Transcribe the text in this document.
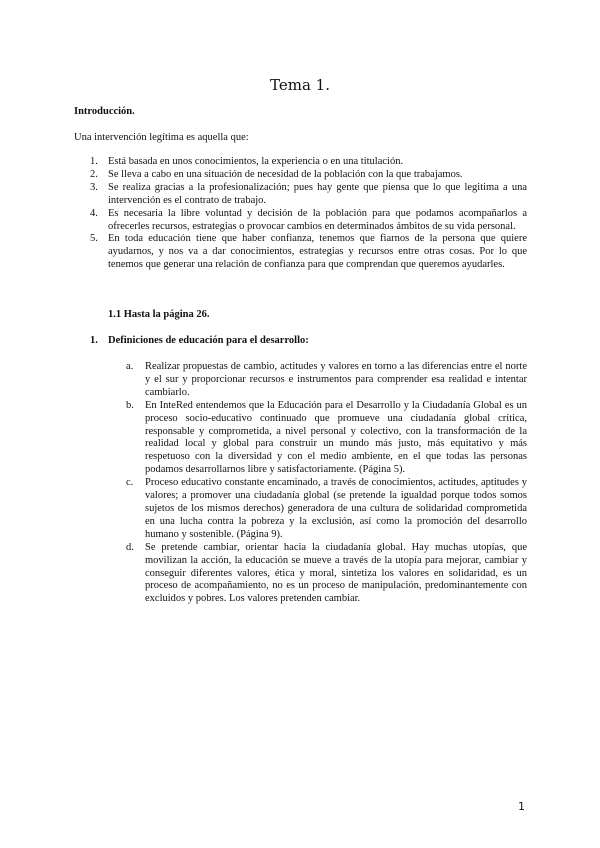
Tema 1.
Introducción.
Una intervención legítima es aquella que:
1. Está basada en unos conocimientos, la experiencia o en una titulación.
2. Se lleva a cabo en una situación de necesidad de la población con la que trabajamos.
3. Se realiza gracias a la profesionalización; pues hay gente que piensa que lo que legitima a una intervención es el contrato de trabajo.
4. Es necesaria la libre voluntad y decisión de la población para que podamos acompañarlos a ofrecerles recursos, estrategias o provocar cambios en determinados ámbitos de su vida personal.
5. En toda educación tiene que haber confianza, tenemos que fiarnos de la persona que quiere ayudarnos, y nos va a dar conocimientos, estrategias y recursos entre otras cosas. Por lo que tenemos que generar una relación de confianza para que comprendan que queremos ayudarles.
1.1 Hasta la página 26.
1. Definiciones de educación para el desarrollo:
a. Realizar propuestas de cambio, actitudes y valores en torno a las diferencias entre el norte y el sur y proporcionar recursos e instrumentos para comprender esa realidad e intentar cambiarlo.
b. En InteRed entendemos que la Educación para el Desarrollo y la Ciudadanía Global es un proceso socio-educativo continuado que promueve una ciudadanía global crítica, responsable y comprometida, a nivel personal y colectivo, con la transformación de la realidad local y global para construir un mundo más justo, más equitativo y más respetuoso con la diversidad y con el medio ambiente, en el que todas las personas podamos desarrollarnos libre y satisfactoriamente. (Página 5).
c. Proceso educativo constante encaminado, a través de conocimientos, actitudes, aptitudes y valores; a promover una ciudadanía global (se pretende la igualdad porque todos somos sujetos de los mismos derechos) generadora de una cultura de solidaridad comprometida en una lucha contra la pobreza y la exclusión, así como la promoción del desarrollo humano y sostenible. (Página 9).
d. Se pretende cambiar, orientar hacia la ciudadanía global. Hay muchas utopías, que movilizan la acción, la educación se mueve a través de la utopía para mejorar, cambiar y conseguir diferentes valores, ética y moral, sintetiza los valores en solidaridad, es un proceso de acompañamiento, no es un proceso de manipulación, predominantemente con excluidos y pobres. Los valores pretenden cambiar.
1
